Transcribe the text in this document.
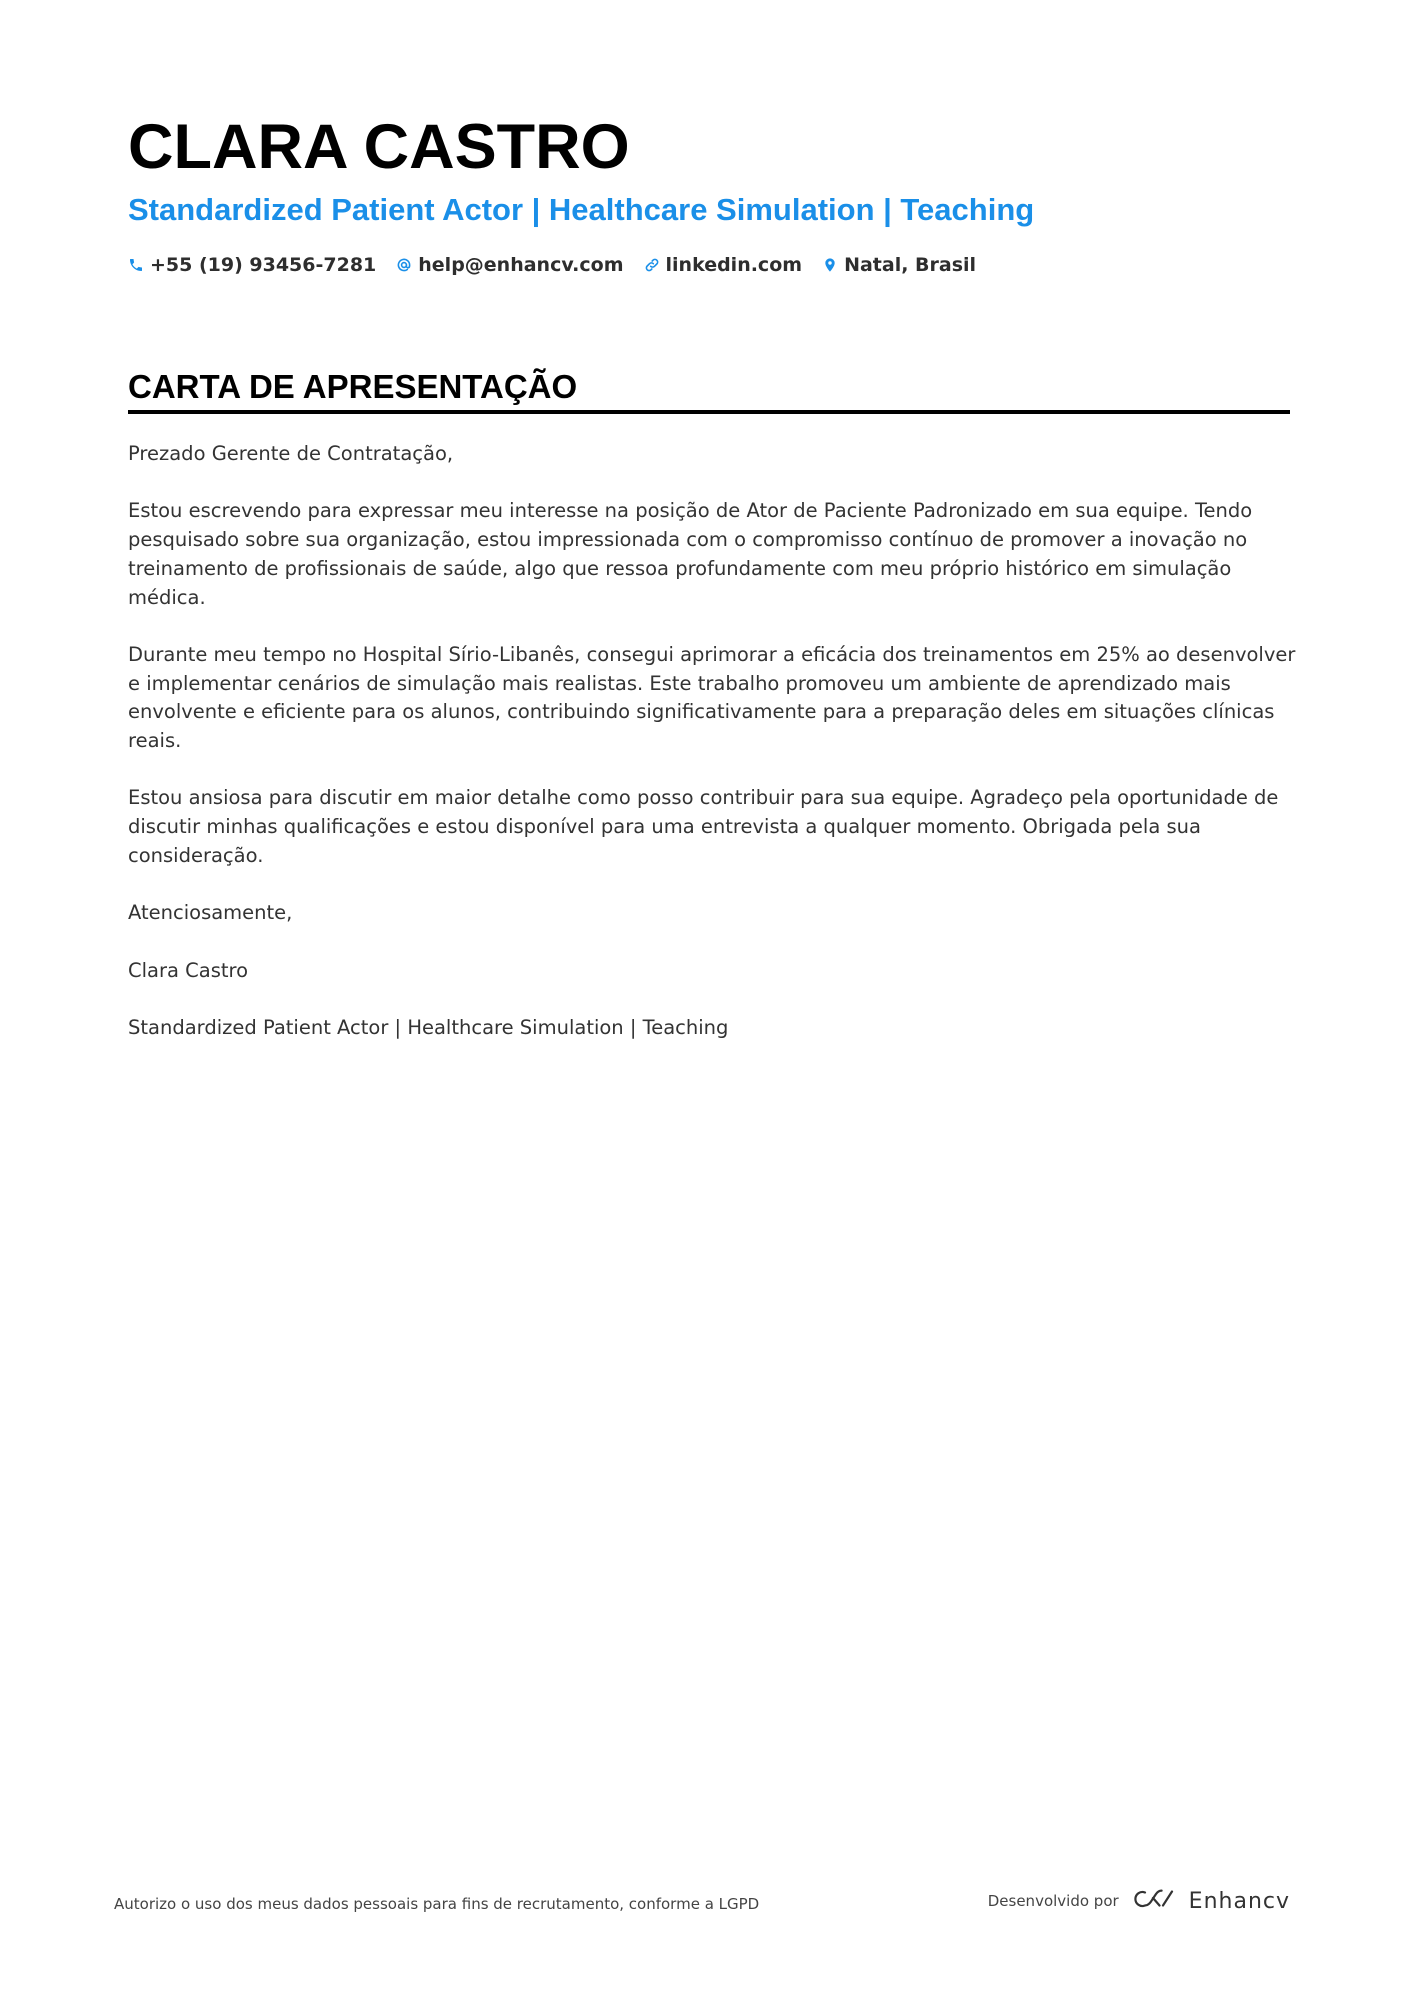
CLARA CASTRO
Standardized Patient Actor | Healthcare Simulation | Teaching
+55 (19) 93456-7281 help@enhancv.com linkedin.com Natal, Brasil
CARTA DE APRESENTAÇÃO

Prezado Gerente de Contratação,

Estou escrevendo para expressar meu interesse na posição de Ator de Paciente Padronizado em sua equipe. Tendo pesquisado sobre sua organização, estou impressionada com o compromisso contínuo de promover a inovação no treinamento de profissionais de saúde, algo que ressoa profundamente com meu próprio histórico em simulação médica.

Durante meu tempo no Hospital Sírio-Libanês, consegui aprimorar a eficácia dos treinamentos em 25% ao desenvolver e implementar cenários de simulação mais realistas. Este trabalho promoveu um ambiente de aprendizado mais envolvente e eficiente para os alunos, contribuindo significativamente para a preparação deles em situações clínicas reais.

Estou ansiosa para discutir em maior detalhe como posso contribuir para sua equipe. Agradeço pela oportunidade de discutir minhas qualificações e estou disponível para uma entrevista a qualquer momento. Obrigada pela sua consideração.

Atenciosamente,

Clara Castro

Standardized Patient Actor | Healthcare Simulation | Teaching

Autorizo o uso dos meus dados pessoais para fins de recrutamento, conforme a LGPD	Desenvolvido por	Enhancv
